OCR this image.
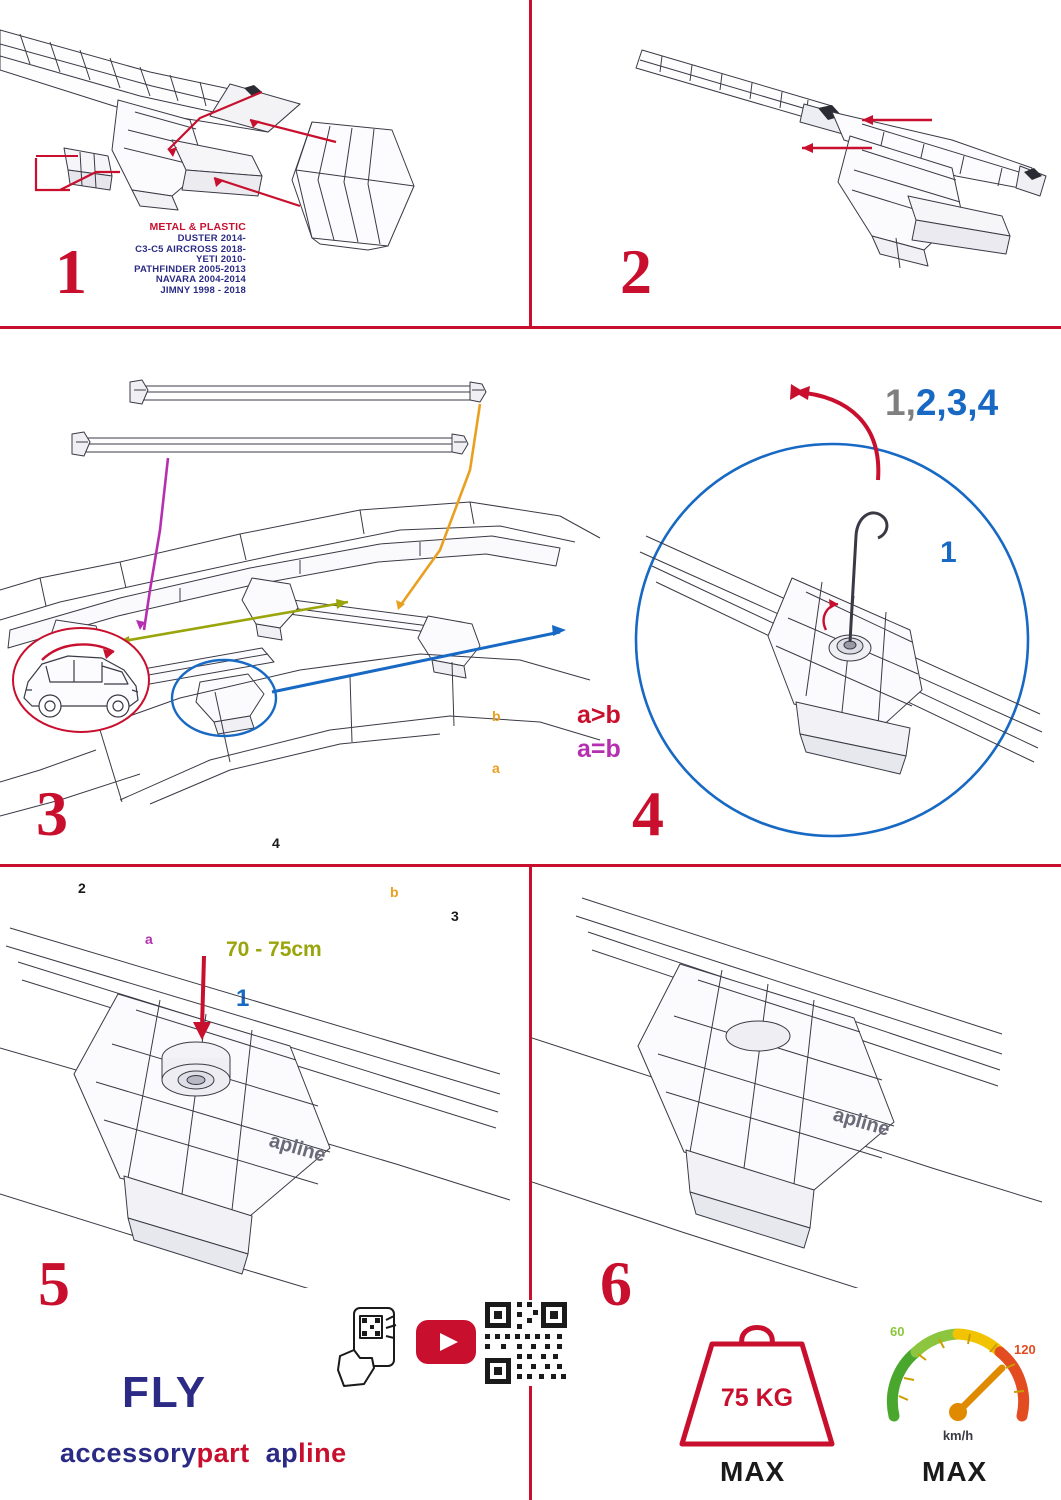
METAL & PLASTIC
DUSTER 2014-
C3-C5 AIRCROSS 2018-
YETI 2010-
PATHFINDER 2005-2013
NAVARA 2004-2014
JIMNY 1998 - 2018
1	2
b
a
a
b
2
4
3
1
70 - 75cm
a>b
a=b
3
1,2,3,4
1
4
apline
5
FLY
accessorypart apline
apline
6
75 KG
MAX
60
120
km/h
MAX
